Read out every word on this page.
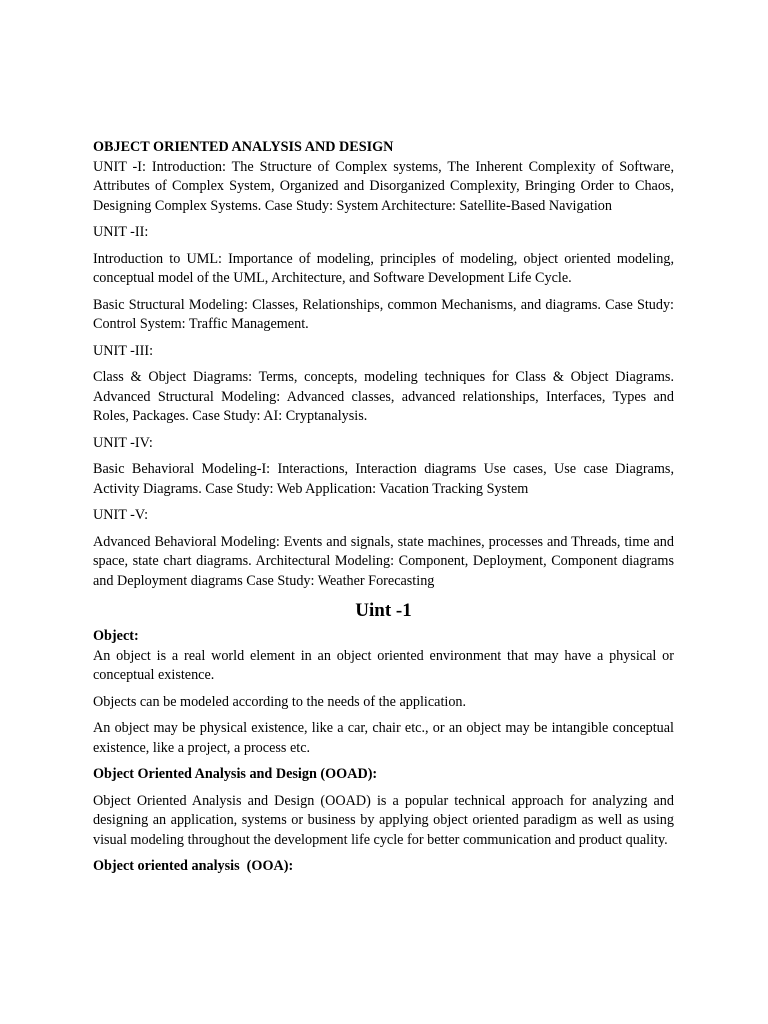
OBJECT ORIENTED ANALYSIS AND DESIGN

UNIT -I: Introduction: The Structure of Complex systems, The Inherent Complexity of Software, Attributes of Complex System, Organized and Disorganized Complexity, Bringing Order to Chaos, Designing Complex Systems. Case Study: System Architecture: Satellite-Based Navigation

UNIT -II:

Introduction to UML: Importance of modeling, principles of modeling, object oriented modeling, conceptual model of the UML, Architecture, and Software Development Life Cycle.

Basic Structural Modeling: Classes, Relationships, common Mechanisms, and diagrams. Case Study: Control System: Traffic Management.

UNIT -III:

Class & Object Diagrams: Terms, concepts, modeling techniques for Class & Object Diagrams. Advanced Structural Modeling: Advanced classes, advanced relationships, Interfaces, Types and Roles, Packages. Case Study: AI: Cryptanalysis.

UNIT -IV:

Basic Behavioral Modeling-I: Interactions, Interaction diagrams Use cases, Use case Diagrams, Activity Diagrams. Case Study: Web Application: Vacation Tracking System

UNIT -V:

Advanced Behavioral Modeling: Events and signals, state machines, processes and Threads, time and space, state chart diagrams. Architectural Modeling: Component, Deployment, Component diagrams and Deployment diagrams Case Study: Weather Forecasting

Uint -1

Object:

An object is a real world element in an object oriented environment that may have a physical or conceptual existence.

Objects can be modeled according to the needs of the application.

An object may be physical existence, like a car, chair etc., or an object may be intangible conceptual existence, like a project, a process etc.

Object Oriented Analysis and Design (OOAD):

Object Oriented Analysis and Design (OOAD) is a popular technical approach for analyzing and designing an application, systems or business by applying object oriented paradigm as well as using visual modeling throughout the development life cycle for better communication and product quality.

Object oriented analysis  (OOA):
